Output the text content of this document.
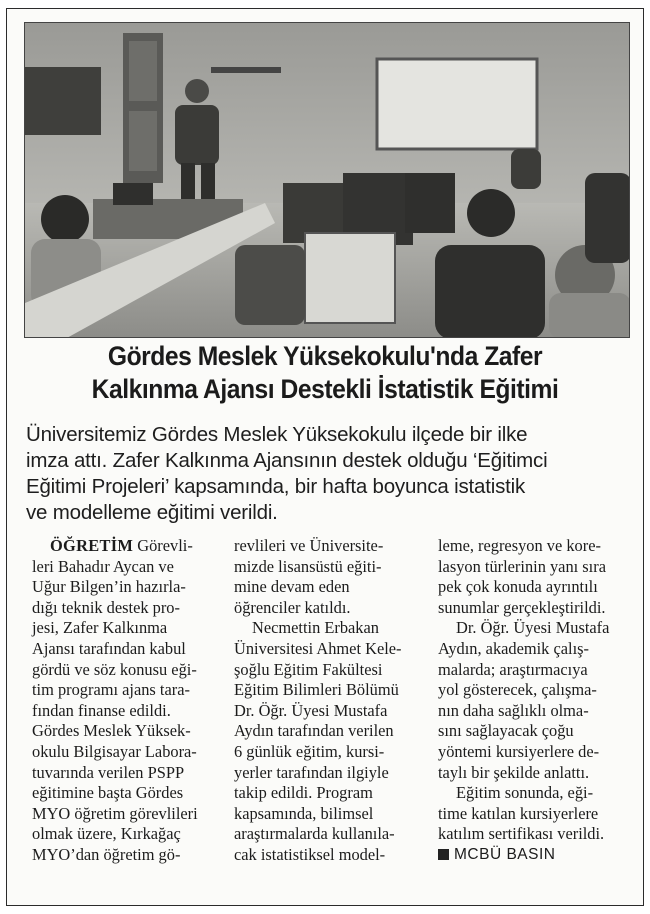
Gördes Meslek Yüksekokulu'nda Zafer
Kalkınma Ajansı Destekli İstatistik Eğitimi
Üniversitemiz Gördes Meslek Yüksekokulu ilçede bir ilke
imza attı. Zafer Kalkınma Ajansının destek olduğu ‘Eğitimci
Eğitimi Projeleri’ kapsamında, bir hafta boyunca istatistik
ve modelleme eğitimi verildi.
ÖĞRETİM Görevli-
leri Bahadır Aycan ve
Uğur Bilgen’in hazırla-
dığı teknik destek pro-
jesi, Zafer Kalkınma
Ajansı tarafından kabul
gördü ve söz konusu eği-
tim programı ajans tara-
fından finanse edildi.
Gördes Meslek Yüksek-
okulu Bilgisayar Labora-
tuvarında verilen PSPP
eğitimine başta Gördes
MYO öğretim görevlileri
olmak üzere, Kırkağaç
MYO’dan öğretim gö-
revlileri ve Üniversite-
mizde lisansüstü eğiti-
mine devam eden
öğrenciler katıldı.
Necmettin Erbakan
Üniversitesi Ahmet Kele-
şoğlu Eğitim Fakültesi
Eğitim Bilimleri Bölümü
Dr. Öğr. Üyesi Mustafa
Aydın tarafından verilen
6 günlük eğitim, kursi-
yerler tarafından ilgiyle
takip edildi. Program
kapsamında, bilimsel
araştırmalarda kullanıla-
cak istatistiksel model-
leme, regresyon ve kore-
lasyon türlerinin yanı sıra
pek çok konuda ayrıntılı
sunumlar gerçekleştirildi.
Dr. Öğr. Üyesi Mustafa
Aydın, akademik çalış-
malarda; araştırmacıya
yol gösterecek, çalışma-
nın daha sağlıklı olma-
sını sağlayacak çoğu
yöntemi kursiyerlere de-
taylı bir şekilde anlattı.
Eğitim sonunda, eği-
time katılan kursiyerlere
katılım sertifikası verildi.
MCBÜ BASIN
